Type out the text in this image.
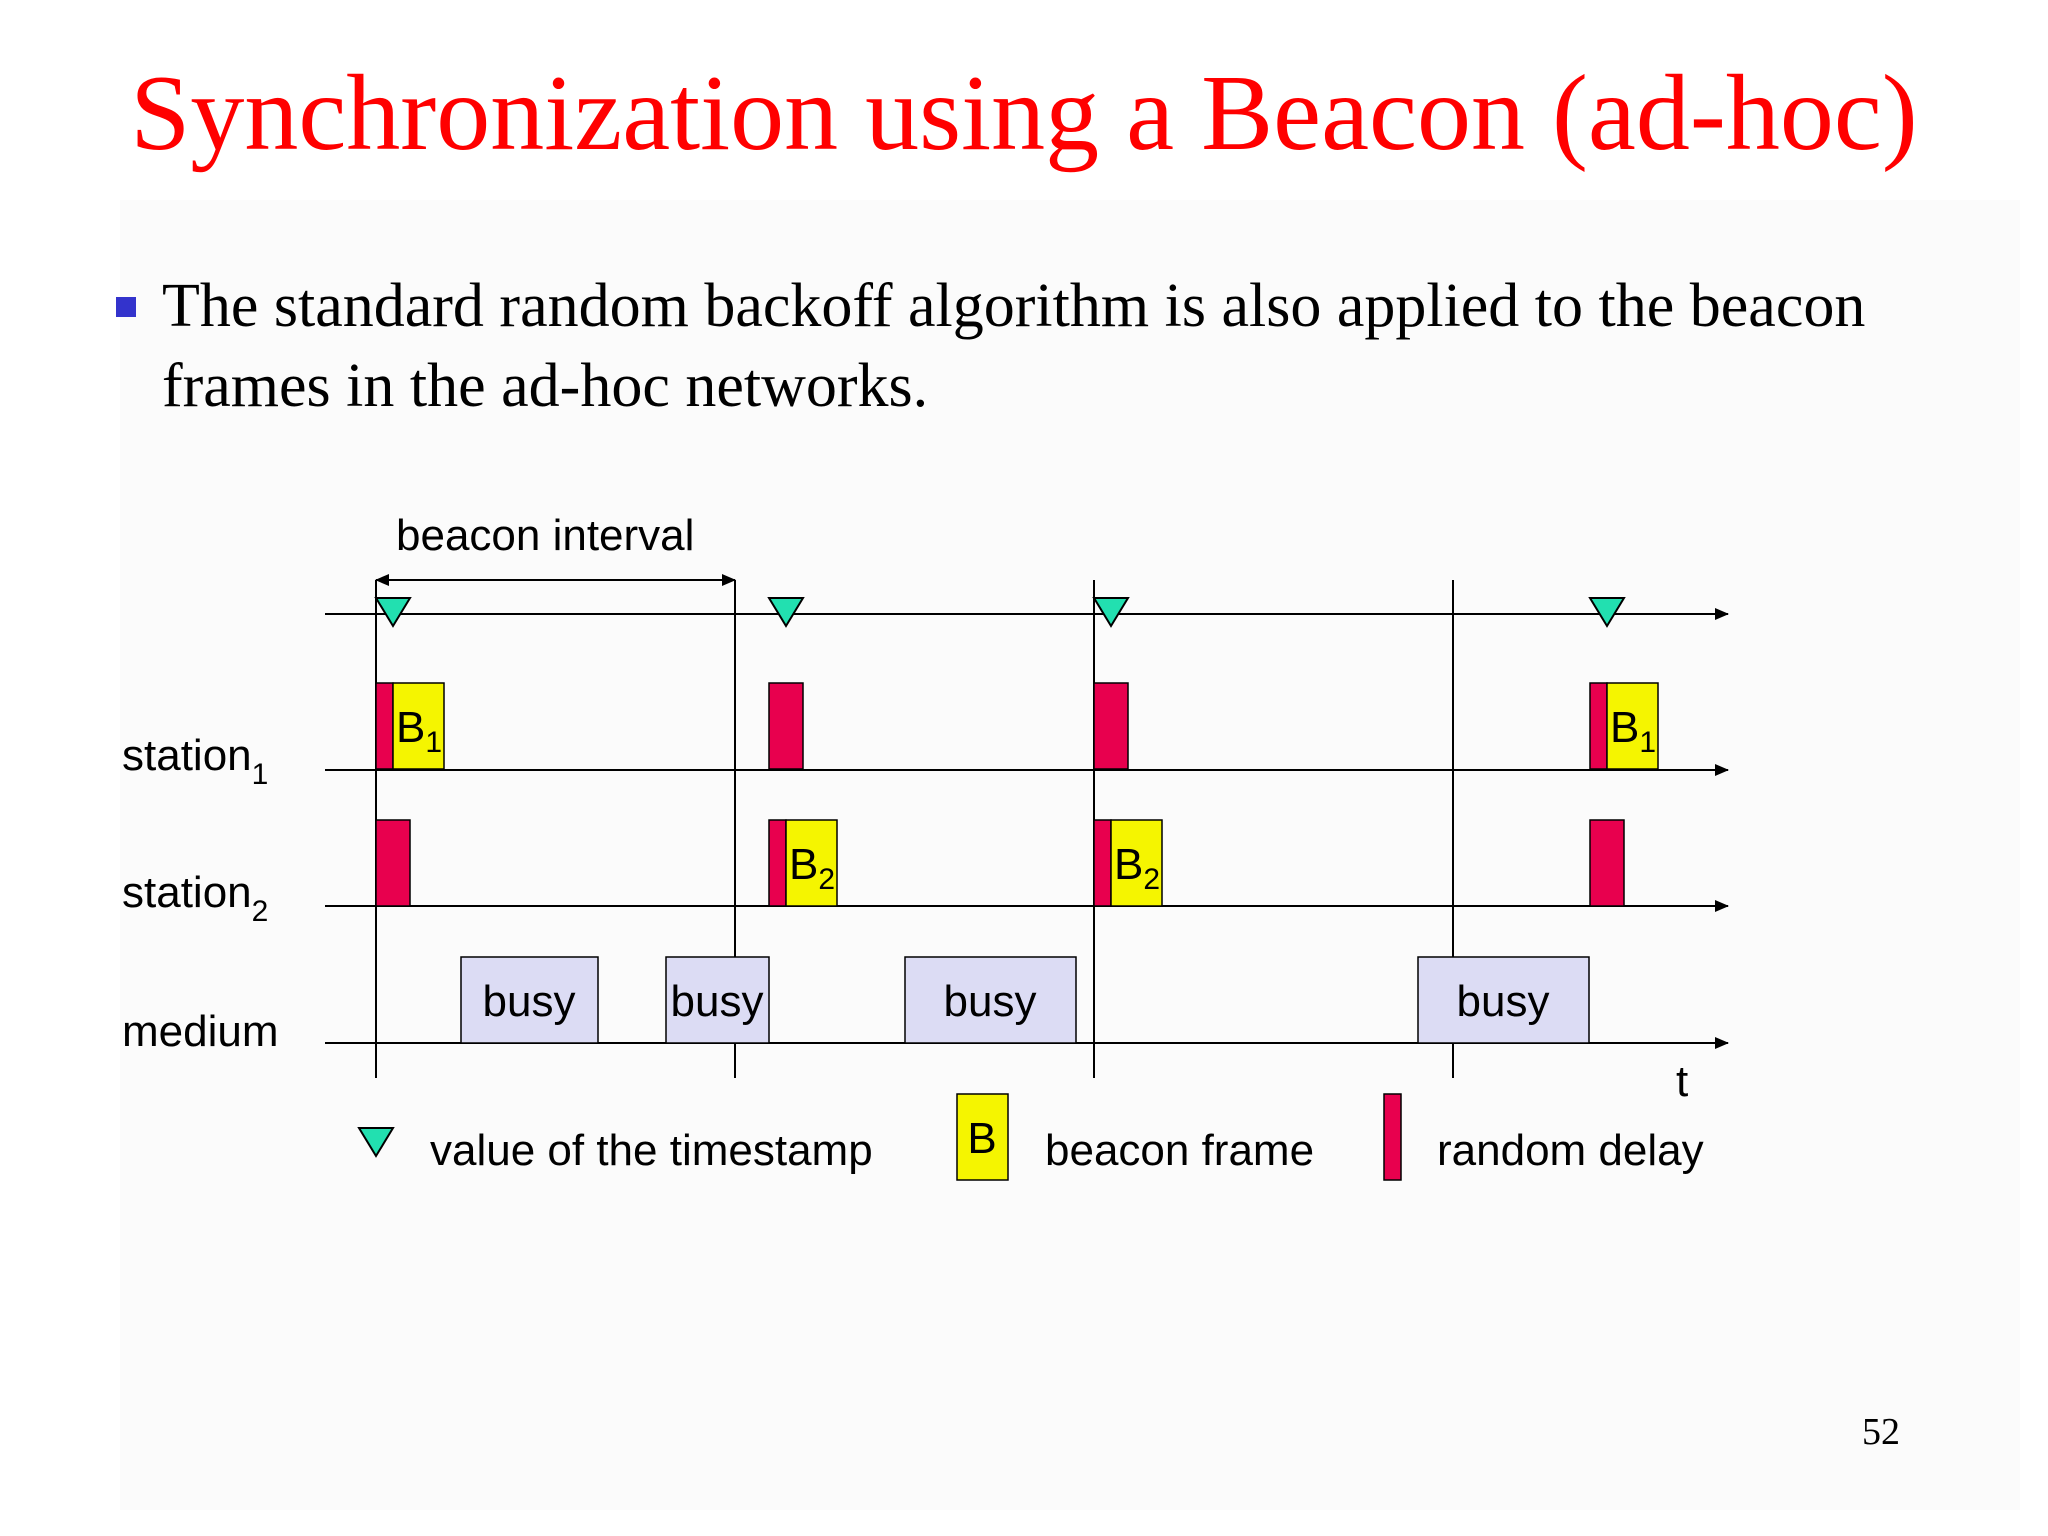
Synchronization using a Beacon (ad-hoc)
The standard random backoff algorithm is also applied to the beacon frames in the ad-hoc networks.
beacon interval
station1
station2
medium
B1	B1
B2	B2
busy busy	busy	busy
t
value of the timestamp B beacon frame	random delay
52
